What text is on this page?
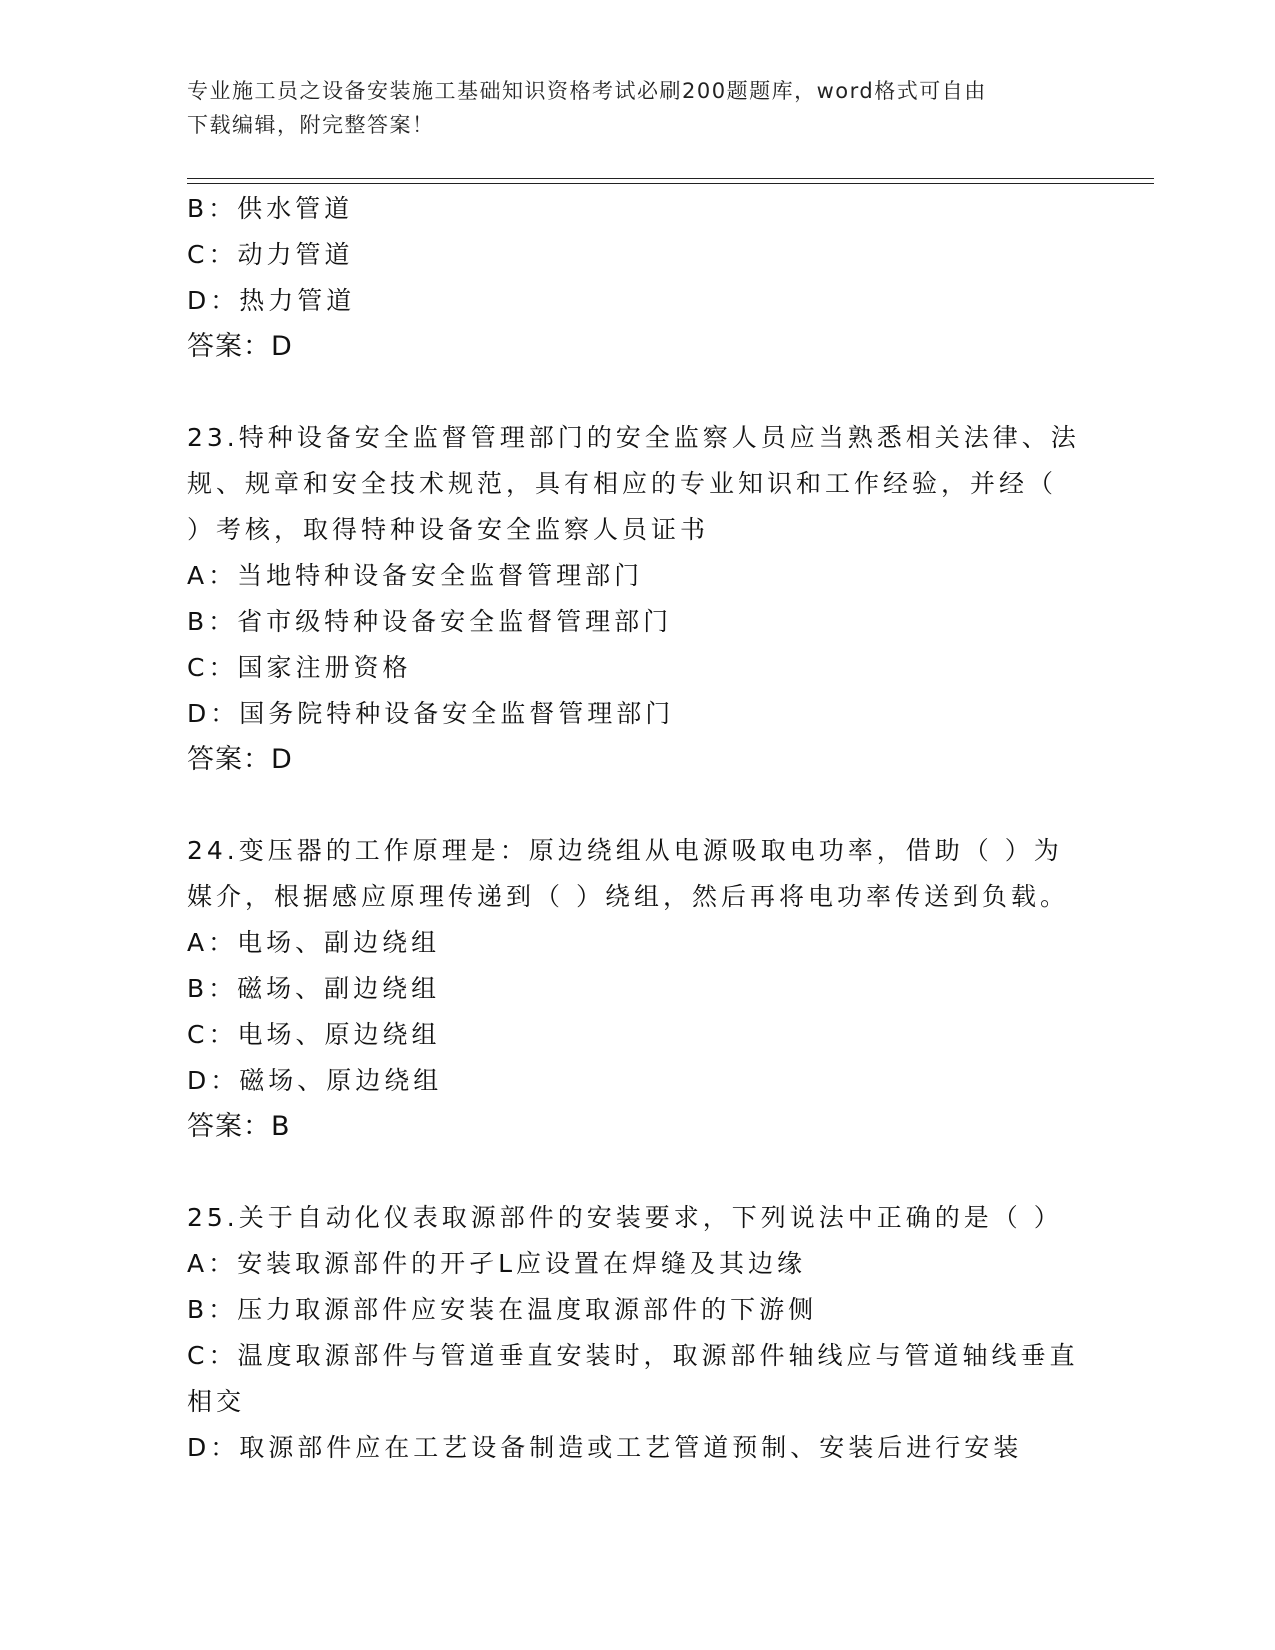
专业施工员之设备安装施工基础知识资格考试必刷200题题库，word格式可自由
下载编辑，附完整答案！
B：供水管道
C：动力管道
D：热力管道
答案：D
23.特种设备安全监督管理部门的安全监察人员应当熟悉相关法律、法
规、规章和安全技术规范，具有相应的专业知识和工作经验，并经（
）考核，取得特种设备安全监察人员证书
A：当地特种设备安全监督管理部门
B：省市级特种设备安全监督管理部门
C：国家注册资格
D：国务院特种设备安全监督管理部门
答案：D
24.变压器的工作原理是：原边绕组从电源吸取电功率，借助（ ）为
媒介，根据感应原理传递到（ ）绕组，然后再将电功率传送到负载。
A：电场、副边绕组
B：磁场、副边绕组
C：电场、原边绕组
D：磁场、原边绕组
答案：B
25.关于自动化仪表取源部件的安装要求，下列说法中正确的是（ ）
A：安装取源部件的开孑L应设置在焊缝及其边缘
B：压力取源部件应安装在温度取源部件的下游侧
C：温度取源部件与管道垂直安装时，取源部件轴线应与管道轴线垂直
相交
D：取源部件应在工艺设备制造或工艺管道预制、安装后进行安装
